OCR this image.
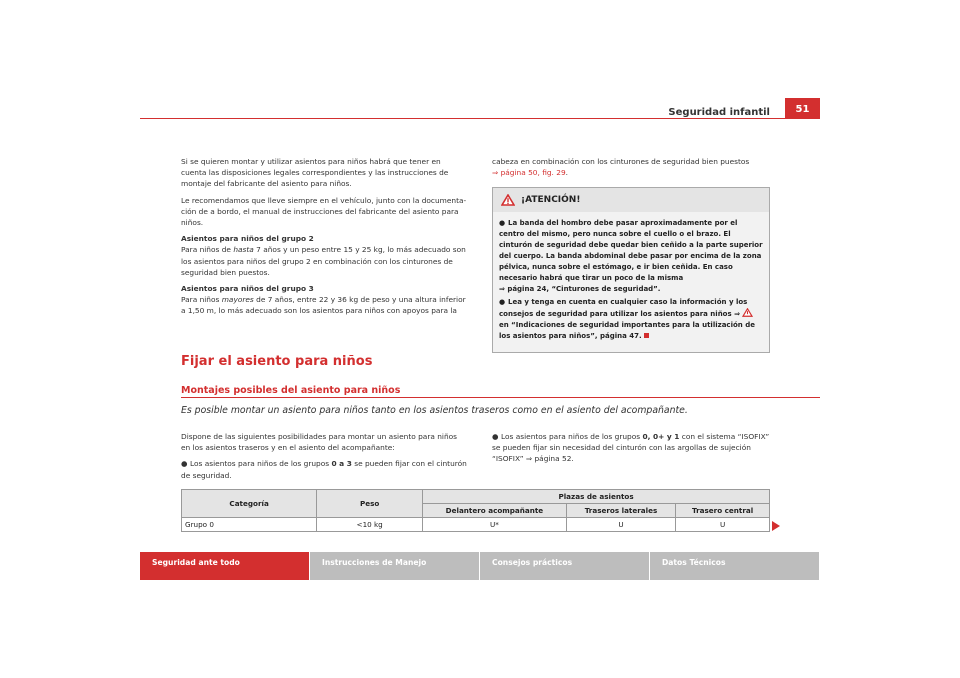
Seguridad infantil	51

Si se quieren montar y utilizar asientos para niños habrá que tener en cuenta las disposiciones legales correspondientes y las instrucciones de montaje del fabricante del asiento para niños.

Le recomendamos que lleve siempre en el vehículo, junto con la documenta-ción de a bordo, el manual de instrucciones del fabricante del asiento para niños.

Asientos para niños del grupo 2

Para niños de hasta 7 años y un peso entre 15 y 25 kg, lo más adecuado son los asientos para niños del grupo 2 en combinación con los cinturones de seguridad bien puestos.

Asientos para niños del grupo 3

Para niños mayores de 7 años, entre 22 y 36 kg de peso y una altura inferior a 1,50 m, lo más adecuado son los asientos para niños con apoyos para la

cabeza en combinación con los cinturones de seguridad bien puestos
⇒ página 50, fig. 29.

¡ATENCIÓN!

● La banda del hombro debe pasar aproximadamente por el centro del mismo, pero nunca sobre el cuello o el brazo. El cinturón de seguridad debe quedar bien ceñido a la parte superior del cuerpo. La banda abdominal debe pasar por encima de la zona pélvica, nunca sobre el estómago, e ir bien ceñida. En caso necesario habrá que tirar un poco de la misma
⇒ página 24, “Cinturones de seguridad”.

● Lea y tenga en cuenta en cualquier caso la información y los consejos de seguridad para utilizar los asientos para niños ⇒  en “Indicaciones de seguridad importantes para la utilización de los asientos para niños”, página 47.

Fijar el asiento para niños
Montajes posibles del asiento para niños
Es posible montar un asiento para niños tanto en los asientos traseros como en el asiento del acompañante.

Dispone de las siguientes posibilidades para montar un asiento para niños en los asientos traseros y en el asiento del acompañante:

● Los asientos para niños de los grupos 0 a 3 se pueden fijar con el cinturón de seguridad.

● Los asientos para niños de los grupos 0, 0+ y 1 con el sistema “ISOFIX” se pueden fijar sin necesidad del cinturón con las argollas de sujeción “ISOFIX” ⇒ página 52.

Categoría	Peso	Plazas de asientos		
		Delantero acompañante	Traseros laterales	Trasero central
Grupo 0	<10 kg	U*	U	U
Seguridad ante todo	Instrucciones de Manejo	Consejos prácticos	Datos Técnicos
